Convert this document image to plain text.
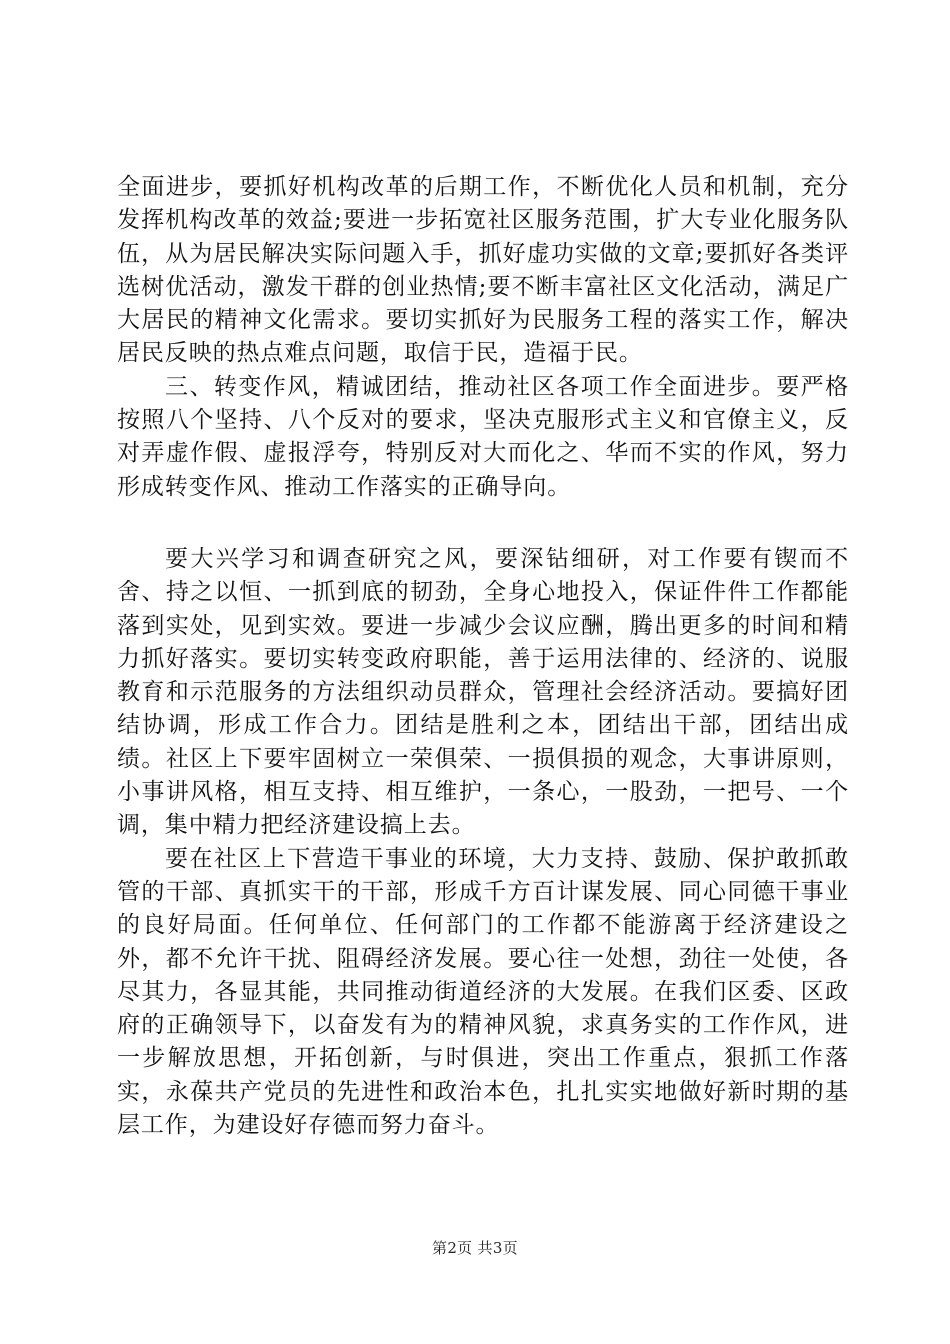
全面进步，要抓好机构改革的后期工作，不断优化人员和机制，充分发挥机构改革的效益;要进一步拓宽社区服务范围，扩大专业化服务队伍，从为居民解决实际问题入手，抓好虚功实做的文章;要抓好各类评选树优活动，激发干群的创业热情;要不断丰富社区文化活动，满足广大居民的精神文化需求。要切实抓好为民服务工程的落实工作，解决居民反映的热点难点问题，取信于民，造福于民。

三、转变作风，精诚团结，推动社区各项工作全面进步。要严格按照八个坚持、八个反对的要求，坚决克服形式主义和官僚主义，反对弄虚作假、虚报浮夸，特别反对大而化之、华而不实的作风，努力形成转变作风、推动工作落实的正确导向。

要大兴学习和调查研究之风，要深钻细研，对工作要有锲而不舍、持之以恒、一抓到底的韧劲，全身心地投入，保证件件工作都能落到实处，见到实效。要进一步减少会议应酬，腾出更多的时间和精力抓好落实。要切实转变政府职能，善于运用法律的、经济的、说服教育和示范服务的方法组织动员群众，管理社会经济活动。要搞好团结协调，形成工作合力。团结是胜利之本，团结出干部，团结出成绩。社区上下要牢固树立一荣俱荣、一损俱损的观念，大事讲原则，小事讲风格，相互支持、相互维护，一条心，一股劲，一把号、一个调，集中精力把经济建设搞上去。

要在社区上下营造干事业的环境，大力支持、鼓励、保护敢抓敢管的干部、真抓实干的干部，形成千方百计谋发展、同心同德干事业的良好局面。任何单位、任何部门的工作都不能游离于经济建设之外，都不允许干扰、阻碍经济发展。要心往一处想，劲往一处使，各尽其力，各显其能，共同推动街道经济的大发展。在我们区委、区政府的正确领导下，以奋发有为的精神风貌，求真务实的工作作风，进一步解放思想，开拓创新，与时俱进，突出工作重点，狠抓工作落实，永葆共产党员的先进性和政治本色，扎扎实实地做好新时期的基层工作，为建设好存德而努力奋斗。

第2页 共3页
